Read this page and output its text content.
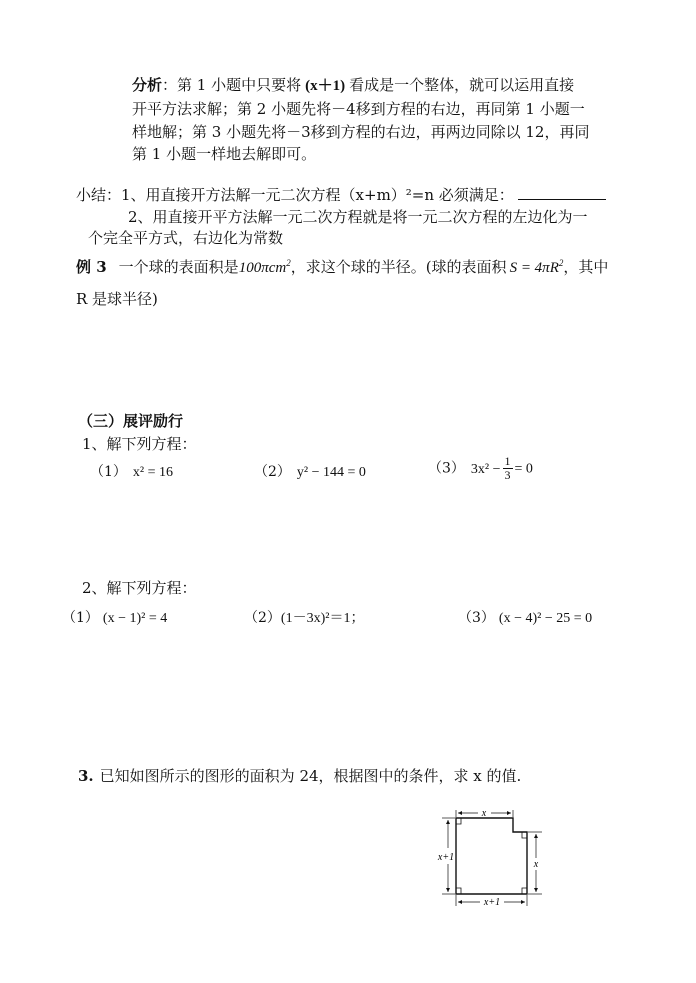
分析：第 1 小题中只要将 (x＋1) 看成是一个整体，就可以运用直接
开平方法求解；第 2 小题先将－4移到方程的右边，再同第 1 小题一
样地解；第 3 小题先将－3移到方程的右边，再两边同除以 12，再同
第 1 小题一样地去解即可。
小结：1、用直接开方法解一元二次方程（x+m）²=n 必须满足：
2、用直接开平方法解一元二次方程就是将一元二次方程的左边化为一
个完全平方式，右边化为常数
例 3 一个球的表面积是100πcm$^2$，求这个球的半径。(球的表面积 $S = 4\pi R^2$，其中
R 是球半径)
（三）展评励行
1、解下列方程：
（1） x² = 16	（2） y² − 144 = 0	（3） $3x^2 - \frac{1}{3} = 0$
2、解下列方程：
（1） (x − 1)² = 4	（2）(1－3x)²＝1；	（3） (x − 4)² − 25 = 0
3. 已知如图所示的图形的面积为 24，根据图中的条件，求 x 的值.
x
x+1
x
x+1
